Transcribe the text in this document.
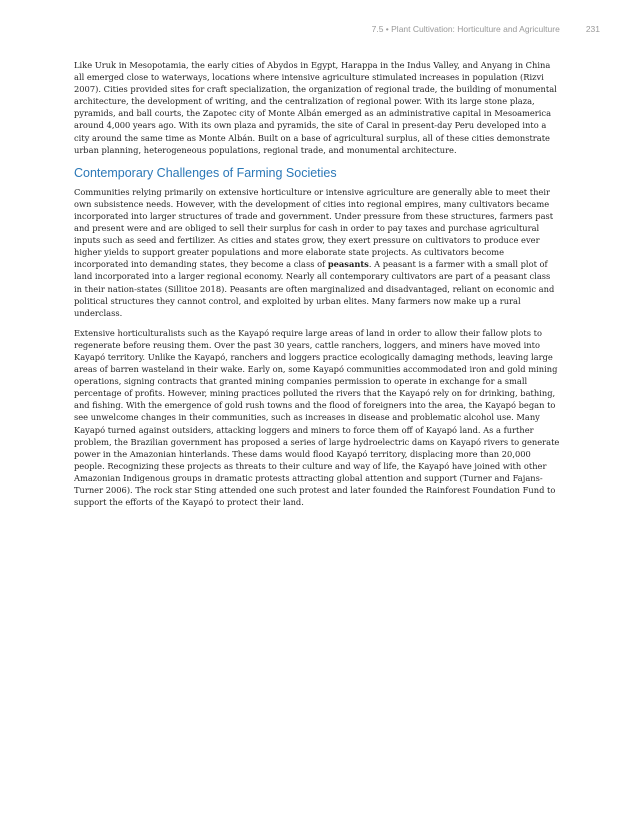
7.5 • Plant Cultivation: Horticulture and Agriculture	231

Like Uruk in Mesopotamia, the early cities of Abydos in Egypt, Harappa in the Indus Valley, and Anyang in China all emerged close to waterways, locations where intensive agriculture stimulated increases in population (Rizvi 2007). Cities provided sites for craft specialization, the organization of regional trade, the building of monumental architecture, the development of writing, and the centralization of regional power. With its large stone plaza, pyramids, and ball courts, the Zapotec city of Monte Albán emerged as an administrative capital in Mesoamerica around 4,000 years ago. With its own plaza and pyramids, the site of Caral in present-day Peru developed into a city around the same time as Monte Albán. Built on a base of agricultural surplus, all of these cities demonstrate urban planning, heterogeneous populations, regional trade, and monumental architecture.

Contemporary Challenges of Farming Societies

Communities relying primarily on extensive horticulture or intensive agriculture are generally able to meet their own subsistence needs. However, with the development of cities into regional empires, many cultivators became incorporated into larger structures of trade and government. Under pressure from these structures, farmers past and present were and are obliged to sell their surplus for cash in order to pay taxes and purchase agricultural inputs such as seed and fertilizer. As cities and states grow, they exert pressure on cultivators to produce ever higher yields to support greater populations and more elaborate state projects. As cultivators become incorporated into demanding states, they become a class of peasants. A peasant is a farmer with a small plot of land incorporated into a larger regional economy. Nearly all contemporary cultivators are part of a peasant class in their nation-states (Sillitoe 2018). Peasants are often marginalized and disadvantaged, reliant on economic and political structures they cannot control, and exploited by urban elites. Many farmers now make up a rural underclass.

Extensive horticulturalists such as the Kayapó require large areas of land in order to allow their fallow plots to regenerate before reusing them. Over the past 30 years, cattle ranchers, loggers, and miners have moved into Kayapó territory. Unlike the Kayapó, ranchers and loggers practice ecologically damaging methods, leaving large areas of barren wasteland in their wake. Early on, some Kayapó communities accommodated iron and gold mining operations, signing contracts that granted mining companies permission to operate in exchange for a small percentage of profits. However, mining practices polluted the rivers that the Kayapó rely on for drinking, bathing, and fishing. With the emergence of gold rush towns and the flood of foreigners into the area, the Kayapó began to see unwelcome changes in their communities, such as increases in disease and problematic alcohol use. Many Kayapó turned against outsiders, attacking loggers and miners to force them off of Kayapó land. As a further problem, the Brazilian government has proposed a series of large hydroelectric dams on Kayapó rivers to generate power in the Amazonian hinterlands. These dams would flood Kayapó territory, displacing more than 20,000 people. Recognizing these projects as threats to their culture and way of life, the Kayapó have joined with other Amazonian Indigenous groups in dramatic protests attracting global attention and support (Turner and Fajans-Turner 2006). The rock star Sting attended one such protest and later founded the Rainforest Foundation Fund to support the efforts of the Kayapó to protect their land.
